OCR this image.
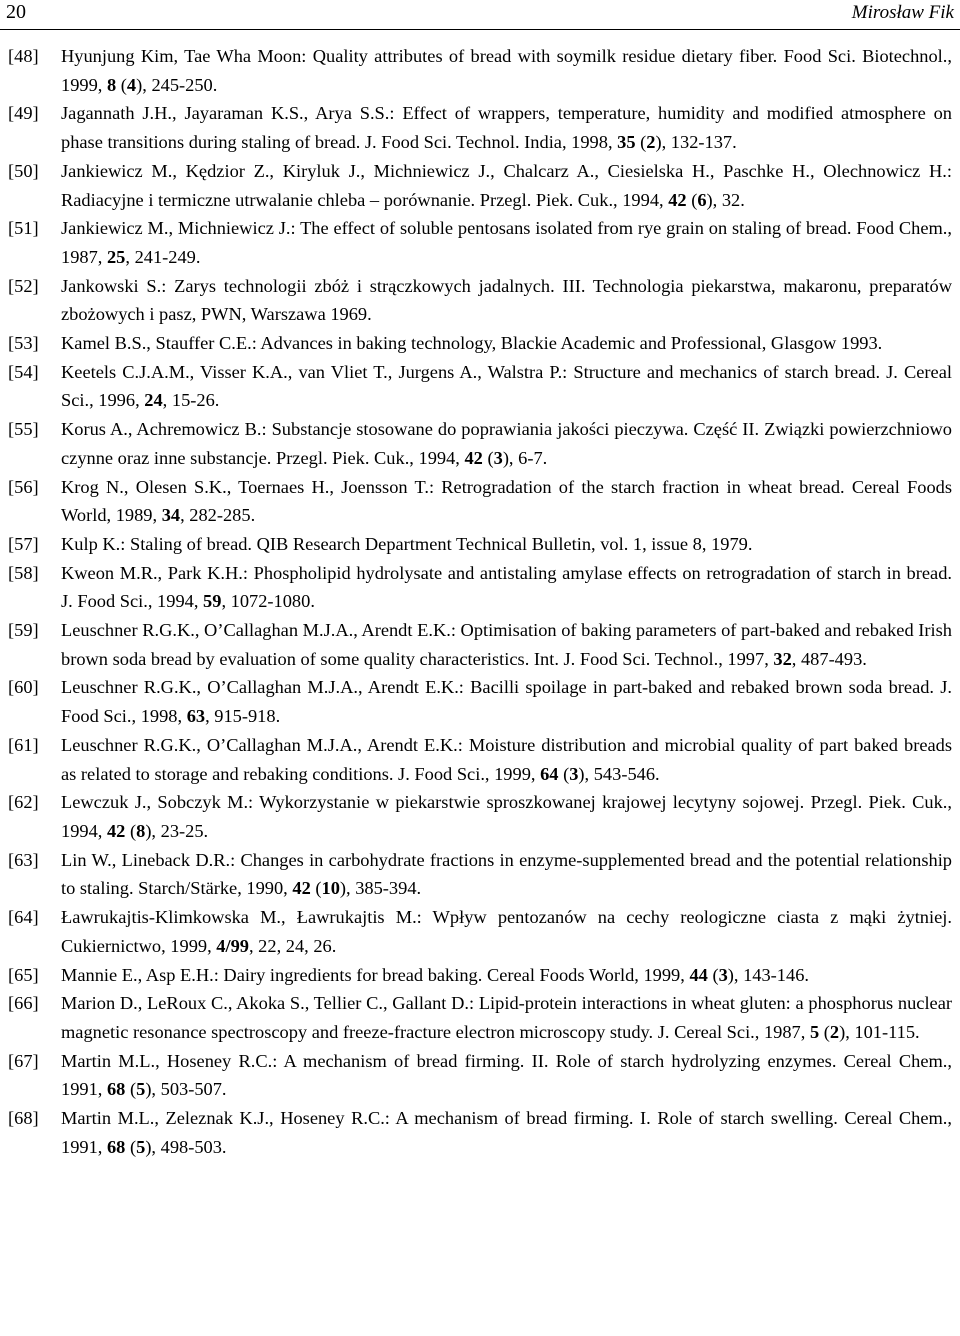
20	Mirosław Fik
[48] Hyunjung Kim, Tae Wha Moon: Quality attributes of bread with soymilk residue dietary fiber. Food Sci. Biotechnol., 1999, 8 (4), 245-250.
[49] Jagannath J.H., Jayaraman K.S., Arya S.S.: Effect of wrappers, temperature, humidity and modified atmosphere on phase transitions during staling of bread. J. Food Sci. Technol. India, 1998, 35 (2), 132-137.
[50] Jankiewicz M., Kędzior Z., Kiryluk J., Michniewicz J., Chalcarz A., Ciesielska H., Paschke H., Olechnowicz H.: Radiacyjne i termiczne utrwalanie chleba – porównanie. Przegl. Piek. Cuk., 1994, 42 (6), 32.
[51] Jankiewicz M., Michniewicz J.: The effect of soluble pentosans isolated from rye grain on staling of bread. Food Chem., 1987, 25, 241-249.
[52] Jankowski S.: Zarys technologii zbóż i strączkowych jadalnych. III. Technologia piekarstwa, makaronu, preparatów zbożowych i pasz, PWN, Warszawa 1969.
[53] Kamel B.S., Stauffer C.E.: Advances in baking technology, Blackie Academic and Professional, Glasgow 1993.
[54] Keetels C.J.A.M., Visser K.A., van Vliet T., Jurgens A., Walstra P.: Structure and mechanics of starch bread. J. Cereal Sci., 1996, 24, 15-26.
[55] Korus A., Achremowicz B.: Substancje stosowane do poprawiania jakości pieczywa. Część II. Związki powierzchniowo czynne oraz inne substancje. Przegl. Piek. Cuk., 1994, 42 (3), 6-7.
[56] Krog N., Olesen S.K., Toernaes H., Joensson T.: Retrogradation of the starch fraction in wheat bread. Cereal Foods World, 1989, 34, 282-285.
[57] Kulp K.: Staling of bread. QIB Research Department Technical Bulletin, vol. 1, issue 8, 1979.
[58] Kweon M.R., Park K.H.: Phospholipid hydrolysate and antistaling amylase effects on retrogradation of starch in bread. J. Food Sci., 1994, 59, 1072-1080.
[59] Leuschner R.G.K., O’Callaghan M.J.A., Arendt E.K.: Optimisation of baking parameters of part-baked and rebaked Irish brown soda bread by evaluation of some quality characteristics. Int. J. Food Sci. Technol., 1997, 32, 487-493.
[60] Leuschner R.G.K., O’Callaghan M.J.A., Arendt E.K.: Bacilli spoilage in part-baked and rebaked brown soda bread. J. Food Sci., 1998, 63, 915-918.
[61] Leuschner R.G.K., O’Callaghan M.J.A., Arendt E.K.: Moisture distribution and microbial quality of part baked breads as related to storage and rebaking conditions. J. Food Sci., 1999, 64 (3), 543-546.
[62] Lewczuk J., Sobczyk M.: Wykorzystanie w piekarstwie sproszkowanej krajowej lecytyny sojowej. Przegl. Piek. Cuk., 1994, 42 (8), 23-25.
[63] Lin W., Lineback D.R.: Changes in carbohydrate fractions in enzyme-supplemented bread and the potential relationship to staling. Starch/Stärke, 1990, 42 (10), 385-394.
[64] Ławrukajtis-Klimkowska M., Ławrukajtis M.: Wpływ pentozanów na cechy reologiczne ciasta z mąki żytniej. Cukiernictwo, 1999, 4/99, 22, 24, 26.
[65] Mannie E., Asp E.H.: Dairy ingredients for bread baking. Cereal Foods World, 1999, 44 (3), 143-146.
[66] Marion D., LeRoux C., Akoka S., Tellier C., Gallant D.: Lipid-protein interactions in wheat gluten: a phosphorus nuclear magnetic resonance spectroscopy and freeze-fracture electron microscopy study. J. Cereal Sci., 1987, 5 (2), 101-115.
[67] Martin M.L., Hoseney R.C.: A mechanism of bread firming. II. Role of starch hydrolyzing enzymes. Cereal Chem., 1991, 68 (5), 503-507.
[68] Martin M.L., Zeleznak K.J., Hoseney R.C.: A mechanism of bread firming. I. Role of starch swelling. Cereal Chem., 1991, 68 (5), 498-503.
